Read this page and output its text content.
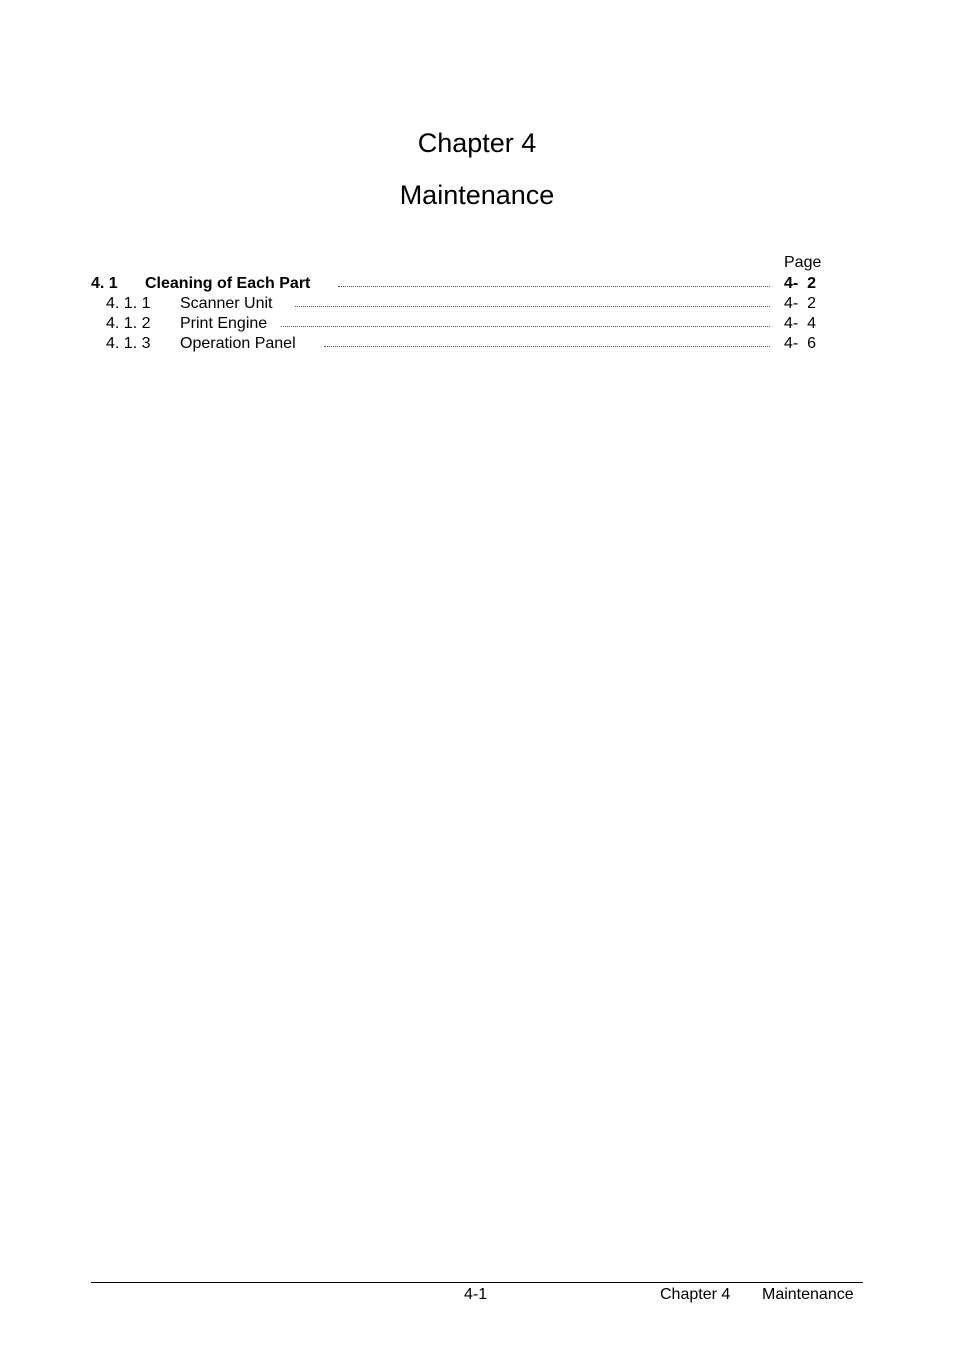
Chapter 4
Maintenance
Page
4. 1 Cleaning of Each Part	4-  2
4. 1. 1 Scanner Unit	4-  2
4. 1. 2 Print Engine	4-  4
4. 1. 3 Operation Panel	4-  6
4-1	Chapter 4 Maintenance
